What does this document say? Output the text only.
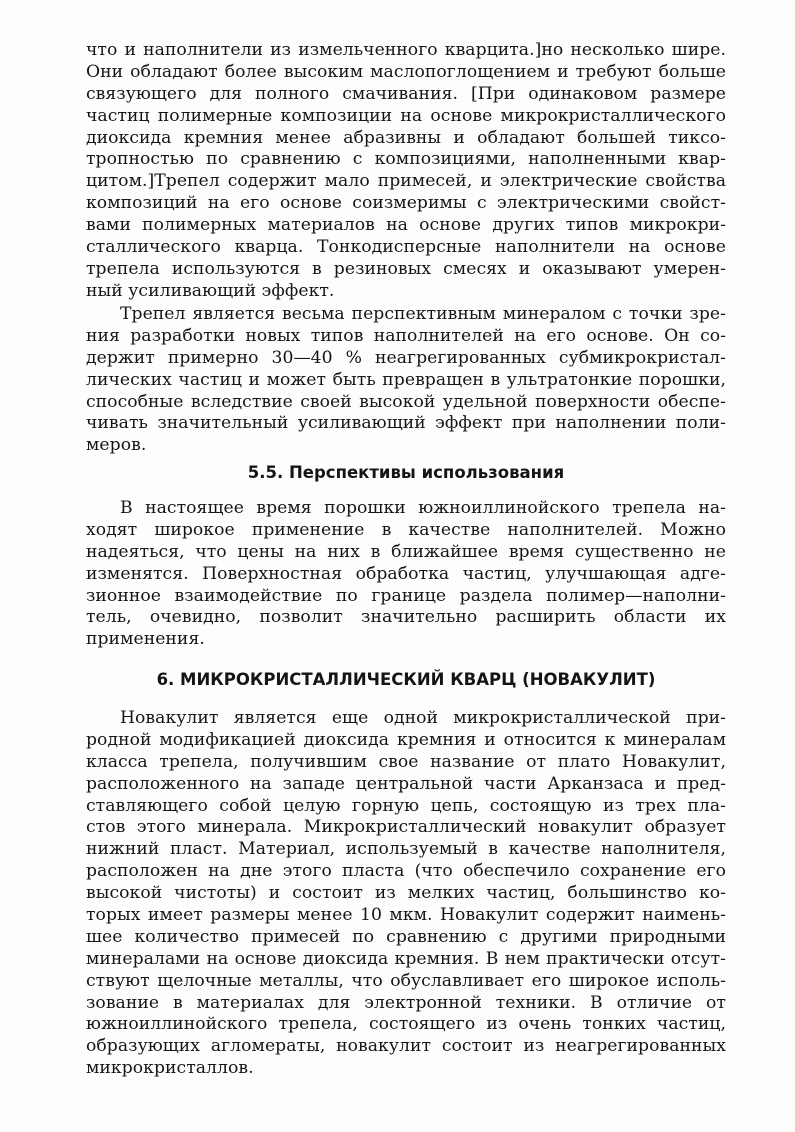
что и наполнители из измельченного кварцита.]но несколько шире.
Они обладают более высоким маслопоглощением и требуют больше
связующего для полного смачивания. [При одинаковом размере
частиц полимерные композиции на основе микрокристаллического
диоксида кремния менее абразивны и обладают большей тиксо-
тропностью по сравнению с композициями, наполненными квар-
цитом.]Трепел содержит мало примесей, и электрические свойства
композиций на его основе соизмеримы с электрическими свойст-
вами полимерных материалов на основе других типов микрокри-
сталлического кварца. Тонкодисперсные наполнители на основе
трепела используются в резиновых смесях и оказывают умерен-
ный усиливающий эффект.
Трепел является весьма перспективным минералом с точки зре-
ния разработки новых типов наполнителей на его основе. Он со-
держит примерно 30—40 % неагрегированных субмикрокристал-
лических частиц и может быть превращен в ультратонкие порошки,
способные вследствие своей высокой удельной поверхности обеспе-
чивать значительный усиливающий эффект при наполнении поли-
меров.
5.5. Перспективы использования
В настоящее время порошки южноиллинойского трепела на-
ходят широкое применение в качестве наполнителей. Можно
надеяться, что цены на них в ближайшее время существенно не
изменятся. Поверхностная обработка частиц, улучшающая адге-
зионное взаимодействие по границе раздела полимер—наполни-
тель, очевидно, позволит значительно расширить области их
применения.
6. МИКРОКРИСТАЛЛИЧЕСКИЙ КВАРЦ (НОВАКУЛИТ)
Новакулит является еще одной микрокристаллической при-
родной модификацией диоксида кремния и относится к минералам
класса трепела, получившим свое название от плато Новакулит,
расположенного на западе центральной части Арканзаса и пред-
ставляющего собой целую горную цепь, состоящую из трех пла-
стов этого минерала. Микрокристаллический новакулит образует
нижний пласт. Материал, используемый в качестве наполнителя,
расположен на дне этого пласта (что обеспечило сохранение его
высокой чистоты) и состоит из мелких частиц, большинство ко-
торых имеет размеры менее 10 мкм. Новакулит содержит наимень-
шее количество примесей по сравнению с другими природными
минералами на основе диоксида кремния. В нем практически отсут-
ствуют щелочные металлы, что обуславливает его широкое исполь-
зование в материалах для электронной техники. В отличие от
южноиллинойского трепела, состоящего из очень тонких частиц,
образующих агломераты, новакулит состоит из неагрегированных
микрокристаллов.
